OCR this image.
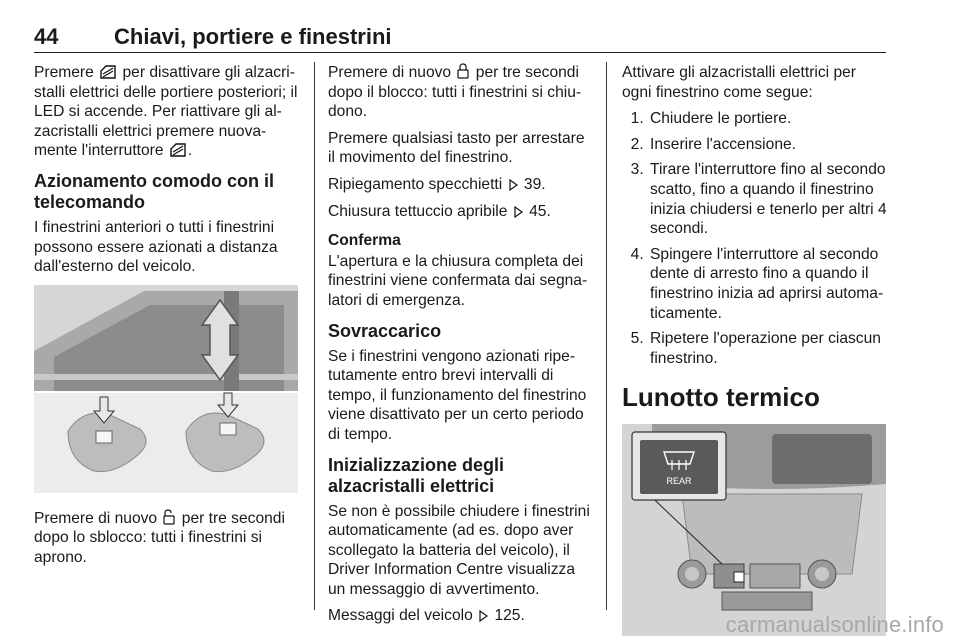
44	Chiavi, portiere e finestrini

Premere per disattivare gli alzacri-stalli elettrici delle portiere posteriori; il LED si accende. Per riattivare gli al-zacristalli elettrici premere nuova-mente l'interruttore .

Azionamento comodo con il telecomando

I finestrini anteriori o tutti i finestrini possono essere azionati a distanza dall'esterno del veicolo.

Premere di nuovo per tre secondi dopo lo sblocco: tutti i finestrini si aprono.

Premere di nuovo per tre secondi dopo il blocco: tutti i finestrini si chiu-dono.

Premere qualsiasi tasto per arrestare il movimento del finestrino.

Ripiegamento specchietti 39.

Chiusura tettuccio apribile 45.

Conferma

L'apertura e la chiusura completa dei finestrini viene confermata dai segna-latori di emergenza.

Sovraccarico

Se i finestrini vengono azionati ripe-tutamente entro brevi intervalli di tempo, il funzionamento del finestrino viene disattivato per un certo periodo di tempo.

Inizializzazione degli alzacristalli elettrici

Se non è possibile chiudere i finestrini automaticamente (ad es. dopo aver scollegato la batteria del veicolo), il Driver Information Centre visualizza un messaggio di avvertimento.

Messaggi del veicolo 125.

Attivare gli alzacristalli elettrici per ogni finestrino come segue:

1. Chiudere le portiere.
2. Inserire l'accensione.
3. Tirare l'interruttore fino al secondo scatto, fino a quando il finestrino inizia chiudersi e tenerlo per altri 4 secondi.
4. Spingere l'interruttore al secondo dente di arresto fino a quando il finestrino inizia ad aprirsi automa-ticamente.
5. Ripetere l'operazione per ciascun finestrino.
Lunotto termico
REAR
carmanualsonline.info
